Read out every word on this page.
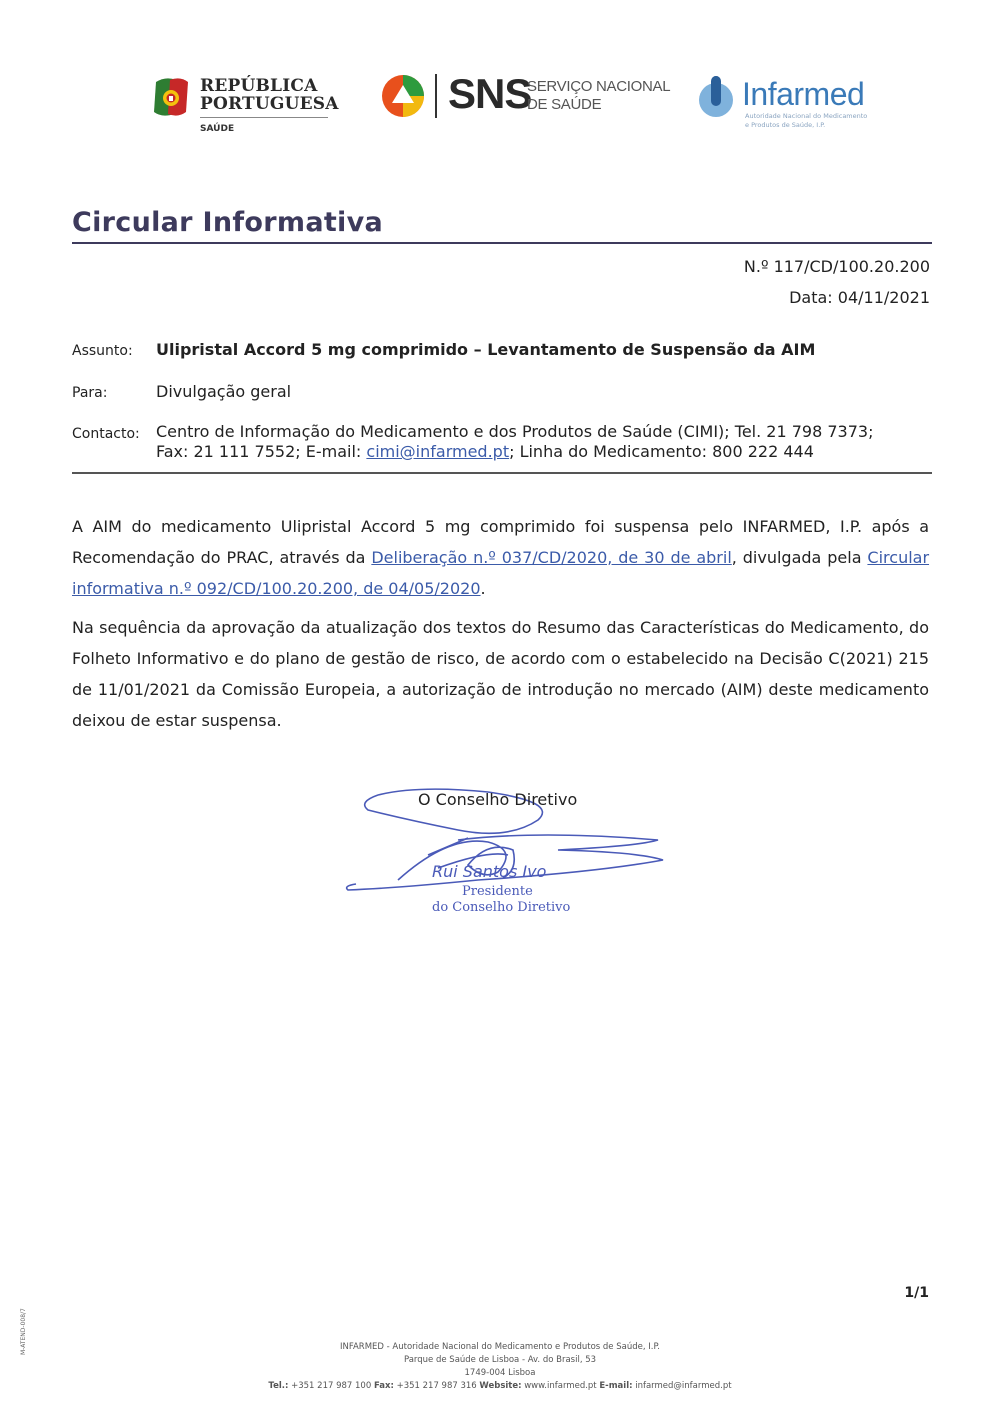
REPÚBLICA
PORTUGUESA
SAÚDE
SNS
SERVIÇO NACIONAL
DE SAÚDE	Infarmed
Autoridade Nacional do Medicamento
e Produtos de Saúde, I.P.
Circular Informativa
N.º 117/CD/100.20.200
Data: 04/11/2021
Assunto: Ulipristal Accord 5 mg comprimido – Levantamento de Suspensão da AIM
Para:	Divulgação geral
Contacto: Centro de Informação do Medicamento e dos Produtos de Saúde (CIMI); Tel. 21 798 7373;
Fax: 21 111 7552; E-mail: cimi@infarmed.pt; Linha do Medicamento: 800 222 444
A AIM do medicamento Ulipristal Accord 5 mg comprimido foi suspensa pelo INFARMED, I.P. após a Recomendação do PRAC, através da Deliberação n.º 037/CD/2020, de 30 de abril, divulgada pela Circular informativa n.º 092/CD/100.20.200, de 04/05/2020.
Na sequência da aprovação da atualização dos textos do Resumo das Características do Medicamento, do Folheto Informativo e do plano de gestão de risco, de acordo com o estabelecido na Decisão C(2021) 215 de 11/01/2021 da Comissão Europeia, a autorização de introdução no mercado (AIM) deste medicamento deixou de estar suspensa.
O Conselho Diretivo
Rui Santos Ivo
Presidente
do Conselho Diretivo
1/1
M-ATEND-008/7	INFARMED - Autoridade Nacional do Medicamento e Produtos de Saúde, I.P.
Parque de Saúde de Lisboa - Av. do Brasil, 53
1749-004 Lisboa
Tel.: +351 217 987 100 Fax: +351 217 987 316 Website: www.infarmed.pt E-mail: infarmed@infarmed.pt
